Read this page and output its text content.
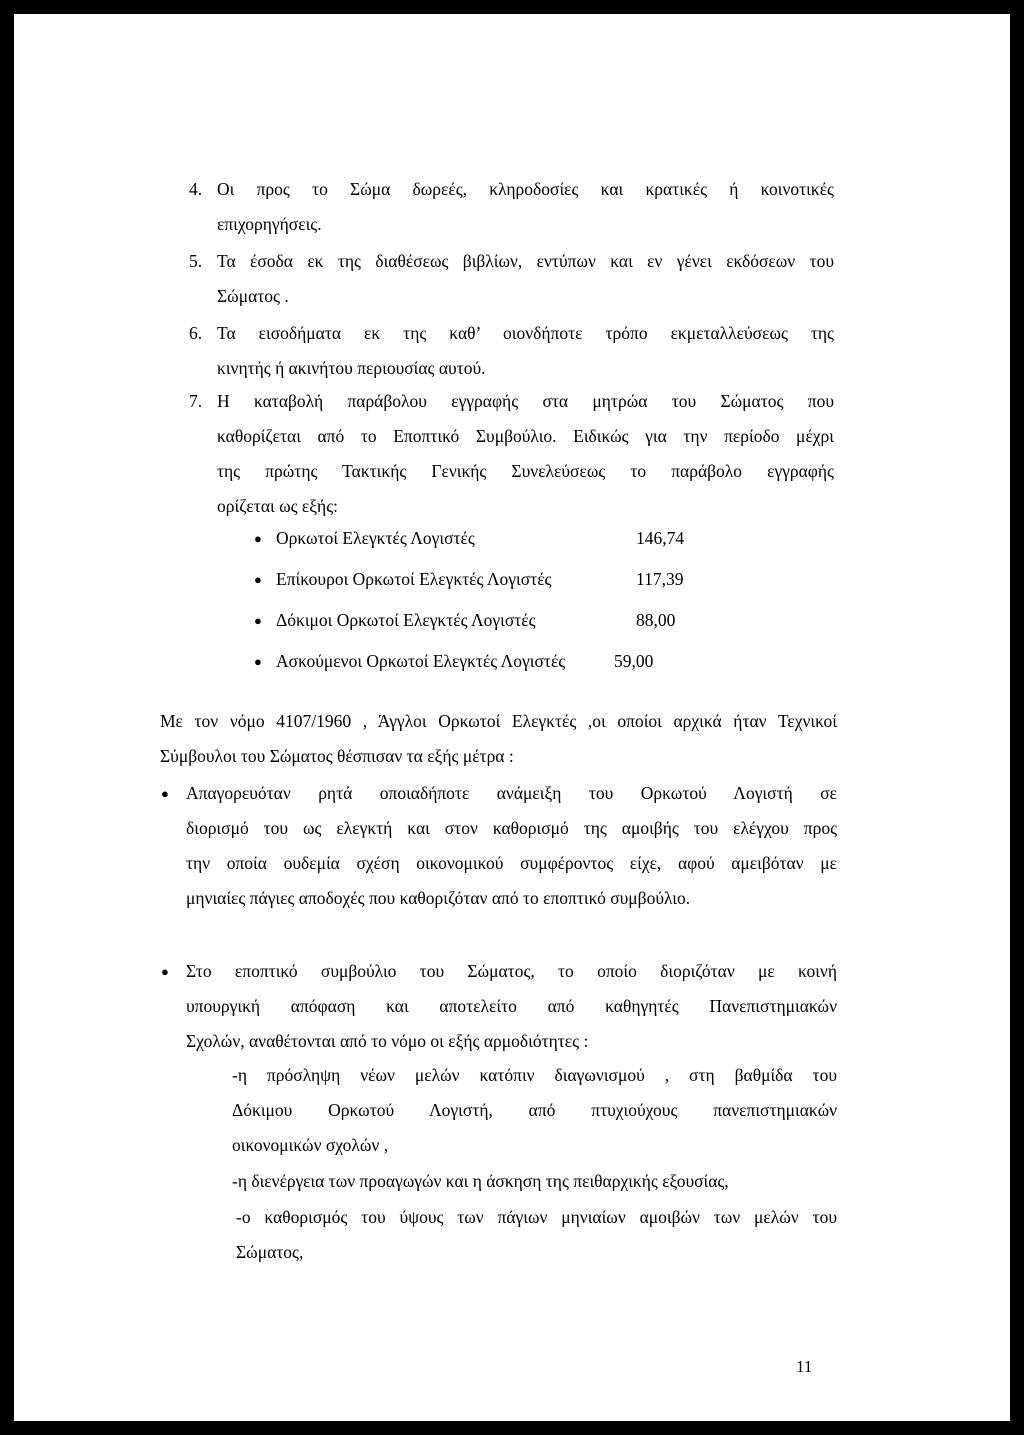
4. Οι προς το Σώμα δωρεές, κληροδοσίες και κρατικές ή κοινοτικές
επιχορηγήσεις.
5. Τα έσοδα εκ της διαθέσεως βιβλίων, εντύπων και εν γένει εκδόσεων του
Σώματος .
6. Τα εισοδήματα εκ της καθ’ οιονδήποτε τρόπο εκμεταλλεύσεως της
κινητής ή ακινήτου περιουσίας αυτού.
7. Η καταβολή παράβολου εγγραφής στα μητρώα του Σώματος που
καθορίζεται από το Εποπτικό Συμβούλιο. Ειδικώς για την περίοδο μέχρι
της πρώτης Τακτικής Γενικής Συνελεύσεως το παράβολο εγγραφής
ορίζεται ως εξής:
● Ορκωτοί Ελεγκτές Λογιστές	146,74
● Επίκουροι Ορκωτοί Ελεγκτές Λογιστές	117,39
● Δόκιμοι Ορκωτοί Ελεγκτές Λογιστές	88,00
● Ασκούμενοι Ορκωτοί Ελεγκτές Λογιστές	59,00
Με τον νόμο 4107/1960 , Άγγλοι Ορκωτοί Ελεγκτές ,οι οποίοι αρχικά ήταν Τεχνικοί
Σύμβουλοι του Σώματος θέσπισαν τα εξής μέτρα :
● Απαγορευόταν ρητά οποιαδήποτε ανάμειξη του Ορκωτού Λογιστή σε
διορισμό του ως ελεγκτή και στον καθορισμό της αμοιβής του ελέγχου προς
την οποία ουδεμία σχέση οικονομικού συμφέροντος είχε, αφού αμειβόταν με
μηνιαίες πάγιες αποδοχές που καθοριζόταν από το εποπτικό συμβούλιο.
● Στο εποπτικό συμβούλιο του Σώματος, το οποίο διοριζόταν με κοινή
υπουργική απόφαση και αποτελείτο από καθηγητές Πανεπιστημιακών
Σχολών, αναθέτονται από το νόμο οι εξής αρμοδιότητες :
-η πρόσληψη νέων μελών κατόπιν διαγωνισμού , στη βαθμίδα του
Δόκιμου Ορκωτού Λογιστή, από πτυχιούχους πανεπιστημιακών
οικονομικών σχολών ,
-η διενέργεια των προαγωγών και η άσκηση της πειθαρχικής εξουσίας,
-ο καθορισμός του ύψους των πάγιων μηνιαίων αμοιβών των μελών του
Σώματος,
11
